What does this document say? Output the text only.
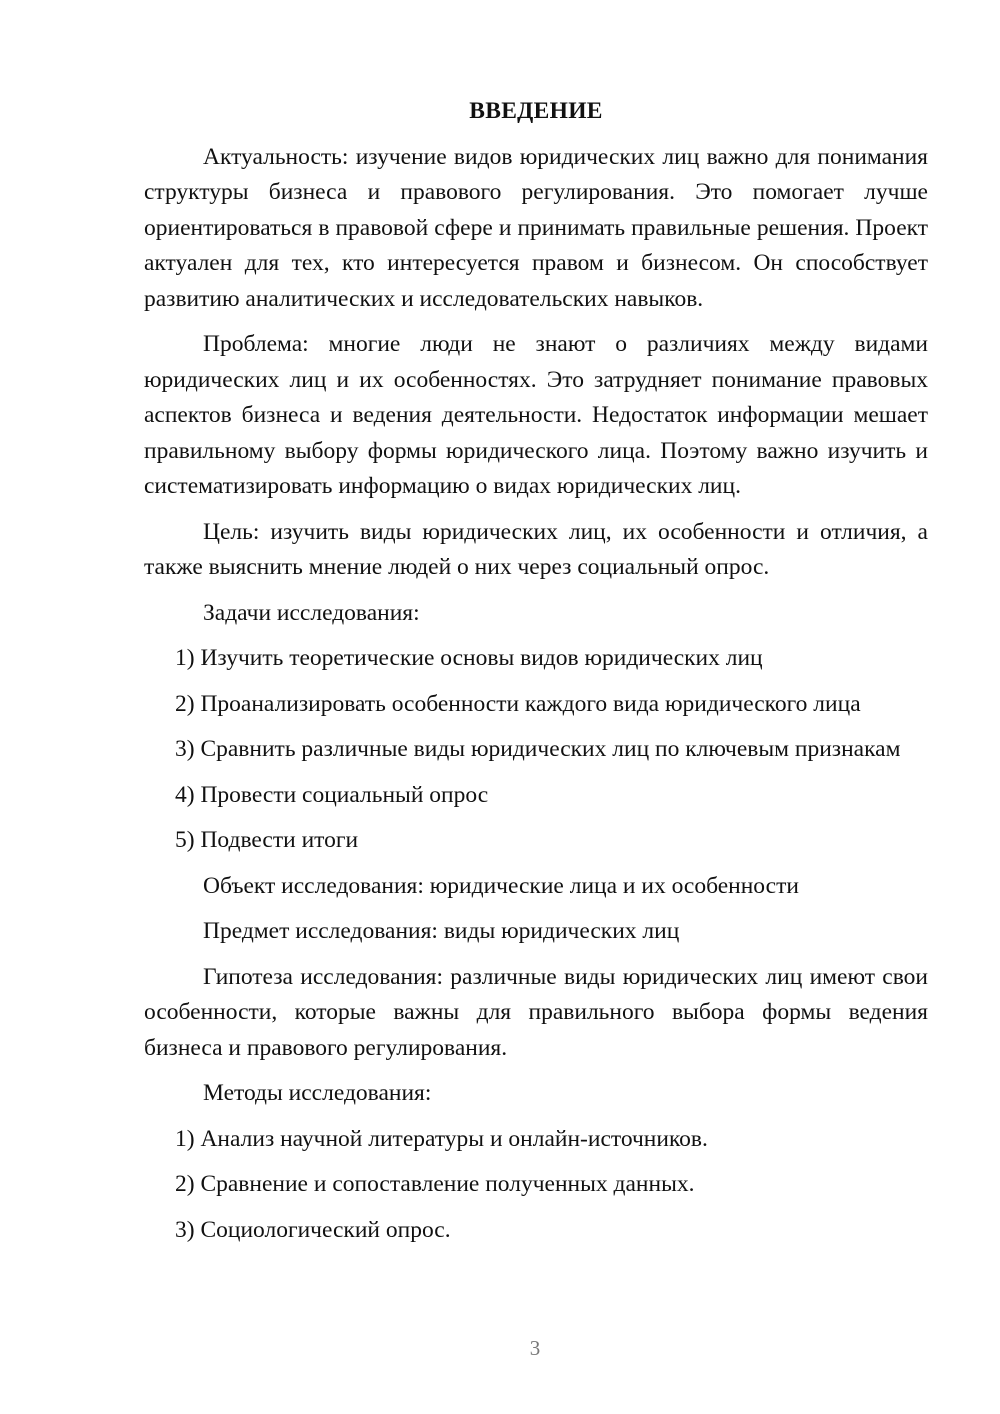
ВВЕДЕНИЕ

Актуальность: изучение видов юридических лиц важно для понимания структуры бизнеса и правового регулирования. Это помогает лучше ориентироваться в правовой сфере и принимать правильные решения. Проект актуален для тех, кто интересуется правом и бизнесом. Он способствует развитию аналитических и исследовательских навыков.

Проблема: многие люди не знают о различиях между видами юридических лиц и их особенностях. Это затрудняет понимание правовых аспектов бизнеса и ведения деятельности. Недостаток информации мешает правильному выбору формы юридического лица. Поэтому важно изучить и систематизировать информацию о видах юридических лиц.

Цель: изучить виды юридических лиц, их особенности и отличия, а также выяснить мнение людей о них через социальный опрос.

Задачи исследования:

1) Изучить теоретические основы видов юридических лиц

2) Проанализировать особенности каждого вида юридического лица

3) Сравнить различные виды юридических лиц по ключевым признакам

4) Провести социальный опрос

5) Подвести итоги

Объект исследования: юридические лица и их особенности

Предмет исследования: виды юридических лиц

Гипотеза исследования: различные виды юридических лиц имеют свои особенности, которые важны для правильного выбора формы ведения бизнеса и правового регулирования.

Методы исследования:

1) Анализ научной литературы и онлайн-источников.

2) Сравнение и сопоставление полученных данных.

3) Социологический опрос.

3
